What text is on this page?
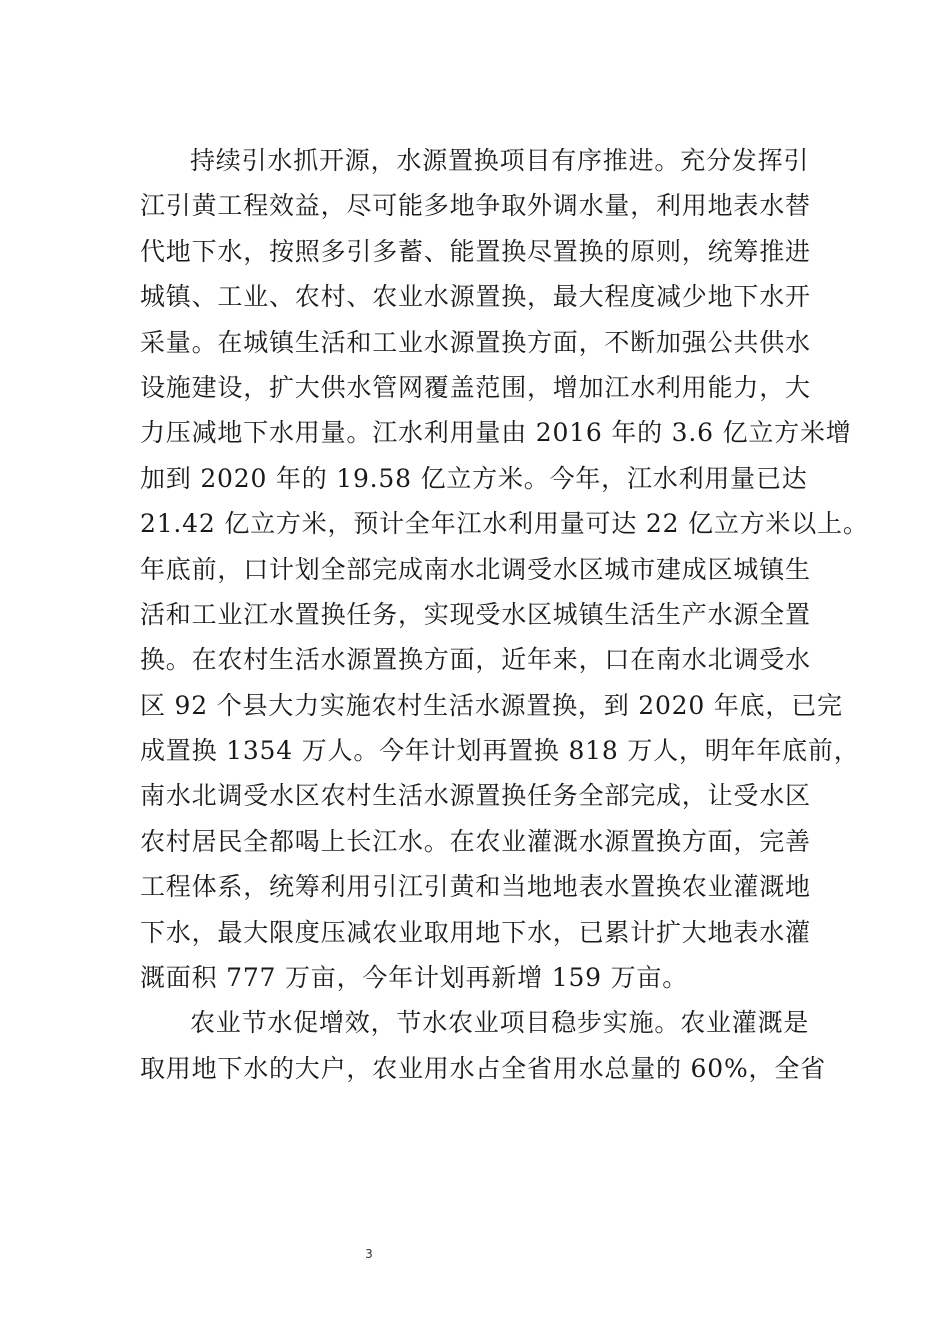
持续引水抓开源，水源置换项目有序推进。充分发挥引
江引黄工程效益，尽可能多地争取外调水量，利用地表水替
代地下水，按照多引多蓄、能置换尽置换的原则，统筹推进
城镇、工业、农村、农业水源置换，最大程度减少地下水开
采量。在城镇生活和工业水源置换方面，不断加强公共供水
设施建设，扩大供水管网覆盖范围，增加江水利用能力，大
力压减地下水用量。江水利用量由 2016 年的 3.6 亿立方米增
加到 2020 年的 19.58 亿立方米。今年，江水利用量已达
21.42 亿立方米，预计全年江水利用量可达 22 亿立方米以上。
年底前，口计划全部完成南水北调受水区城市建成区城镇生
活和工业江水置换任务，实现受水区城镇生活生产水源全置
换。在农村生活水源置换方面，近年来，口在南水北调受水
区 92 个县大力实施农村生活水源置换，到 2020 年底，已完
成置换 1354 万人。今年计划再置换 818 万人，明年年底前，
南水北调受水区农村生活水源置换任务全部完成，让受水区
农村居民全都喝上长江水。在农业灌溉水源置换方面，完善
工程体系，统筹利用引江引黄和当地地表水置换农业灌溉地
下水，最大限度压减农业取用地下水，已累计扩大地表水灌
溉面积 777 万亩，今年计划再新增 159 万亩。
农业节水促增效，节水农业项目稳步实施。农业灌溉是
取用地下水的大户，农业用水占全省用水总量的 60%，全省
3
